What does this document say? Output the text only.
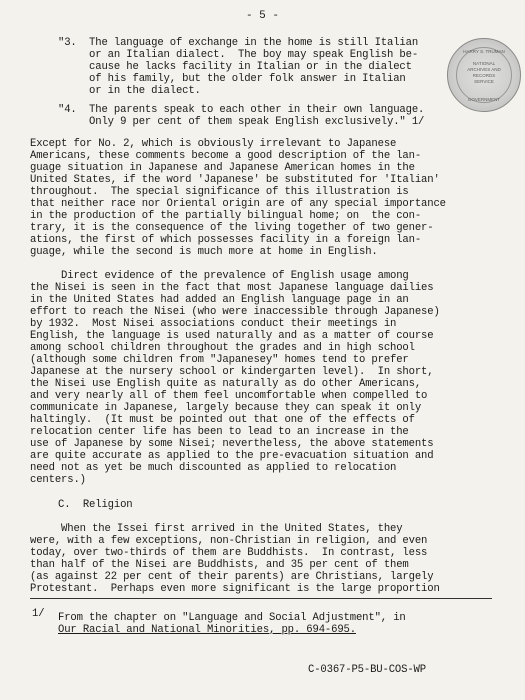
- 5 -
HARRY S. TRUMAN
NATIONAL
ARCHIVES AND
RECORDS
SERVICE
GOVERNMENT
"3.  The language of exchange in the home is still Italian
or an Italian dialect.  The boy may speak English be-
cause he lacks facility in Italian or in the dialect
of his family, but the older folk answer in Italian
or in the dialect.
"4.  The parents speak to each other in their own language.
Only 9 per cent of them speak English exclusively." 1/
Except for No. 2, which is obviously irrelevant to Japanese
Americans, these comments become a good description of the lan-
guage situation in Japanese and Japanese American homes in the
United States, if the word 'Japanese' be substituted for 'Italian'
throughout.  The special significance of this illustration is
that neither race nor Oriental origin are of any special importance
in the production of the partially bilingual home; on  the con-
trary, it is the consequence of the living together of two gener-
ations, the first of which possesses facility in a foreign lan-
guage, while the second is much more at home in English.
Direct evidence of the prevalence of English usage among
the Nisei is seen in the fact that most Japanese language dailies
in the United States had added an English language page in an
effort to reach the Nisei (who were inaccessible through Japanese)
by 1932.  Most Nisei associations conduct their meetings in
English, the language is used naturally and as a matter of course
among school children throughout the grades and in high school
(although some children from "Japanesey" homes tend to prefer
Japanese at the nursery school or kindergarten level).  In short,
the Nisei use English quite as naturally as do other Americans,
and very nearly all of them feel uncomfortable when compelled to
communicate in Japanese, largely because they can speak it only
haltingly.  (It must be pointed out that one of the effects of
relocation center life has been to lead to an increase in the
use of Japanese by some Nisei; nevertheless, the above statements
are quite accurate as applied to the pre-evacuation situation and
need not as yet be much discounted as applied to relocation
centers.)
C.  Religion
When the Issei first arrived in the United States, they
were, with a few exceptions, non-Christian in religion, and even
today, over two-thirds of them are Buddhists.  In contrast, less
than half of the Nisei are Buddhists, and 35 per cent of them
(as against 22 per cent of their parents) are Christians, largely
Protestant.  Perhaps even more significant is the large proportion
1/ From the chapter on "Language and Social Adjustment", in
Our Racial and National Minorities, pp. 694-695.
C-0367-P5-BU-COS-WP
